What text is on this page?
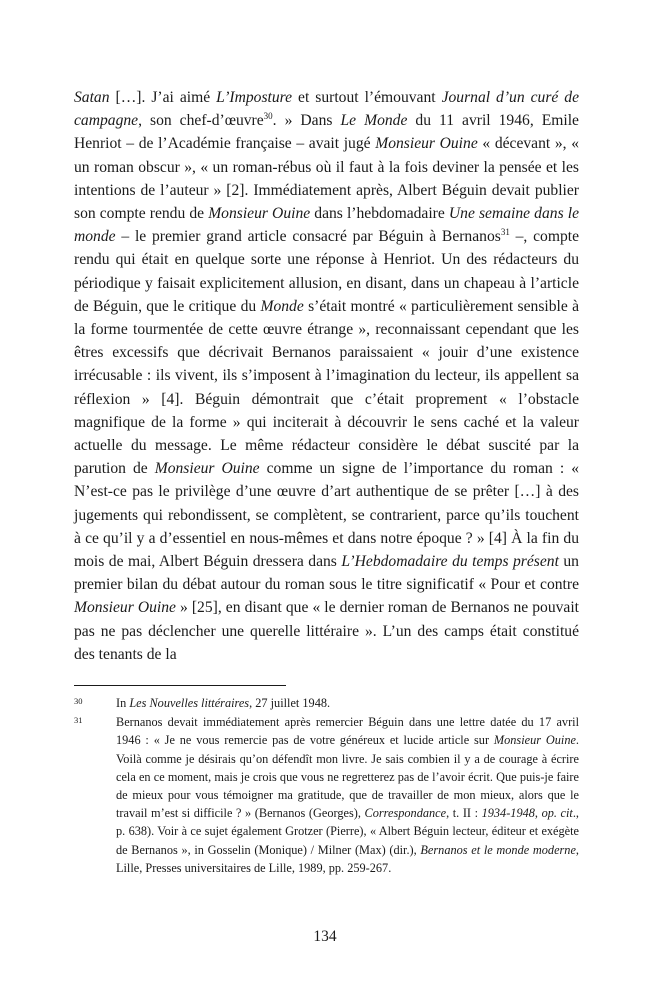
Satan […]. J’ai aimé L’Imposture et surtout l’émouvant Journal d’un curé de campagne, son chef-d’œuvre$^{30}$. » Dans Le Monde du 11 avril 1946, Emile Henriot – de l’Académie française – avait jugé Monsieur Ouine « décevant », « un roman obscur », « un roman-rébus où il faut à la fois deviner la pensée et les intentions de l’auteur » [2]. Immédiatement après, Albert Béguin devait publier son compte rendu de Monsieur Ouine dans l’hebdomadaire Une semaine dans le monde – le premier grand article consacré par Béguin à Bernanos$^{31}$ –, compte rendu qui était en quelque sorte une réponse à Henriot. Un des rédacteurs du périodique y faisait explicitement allusion, en disant, dans un chapeau à l’article de Béguin, que le critique du Monde s’était montré « particulièrement sensible à la forme tourmentée de cette œuvre étrange », reconnaissant cependant que les êtres excessifs que décrivait Bernanos paraissaient « jouir d’une existence irrécusable : ils vivent, ils s’imposent à l’imagination du lecteur, ils appellent sa réflexion » [4]. Béguin démontrait que c’était proprement « l’obstacle magnifique de la forme » qui inciterait à découvrir le sens caché et la valeur actuelle du message. Le même rédacteur considère le débat suscité par la parution de Monsieur Ouine comme un signe de l’importance du roman : « N’est-ce pas le privilège d’une œuvre d’art authentique de se prêter […] à des jugements qui rebondissent, se complètent, se contrarient, parce qu’ils touchent à ce qu’il y a d’essentiel en nous-mêmes et dans notre époque ? » [4] À la fin du mois de mai, Albert Béguin dressera dans L’Hebdomadaire du temps présent un premier bilan du débat autour du roman sous le titre significatif « Pour et contre Monsieur Ouine » [25], en disant que « le dernier roman de Bernanos ne pouvait pas ne pas déclencher une querelle littéraire ». L’un des camps était constitué des tenants de la
30	In Les Nouvelles littéraires, 27 juillet 1948.
31	Bernanos devait immédiatement après remercier Béguin dans une lettre datée du 17 avril 1946 : « Je ne vous remercie pas de votre généreux et lucide article sur Monsieur Ouine. Voilà comme je désirais qu’on défendît mon livre. Je sais combien il y a de courage à écrire cela en ce moment, mais je crois que vous ne regretterez pas de l’avoir écrit. Que puis-je faire de mieux pour vous témoigner ma gratitude, que de travailler de mon mieux, alors que le travail m’est si difficile ? » (Bernanos (Georges), Correspondance, t. II : 1934-1948, op. cit., p. 638). Voir à ce sujet également Grotzer (Pierre), « Albert Béguin lecteur, éditeur et exégète de Bernanos », in Gosselin (Monique) / Milner (Max) (dir.), Bernanos et le monde moderne, Lille, Presses universitaires de Lille, 1989, pp. 259-267.
134
